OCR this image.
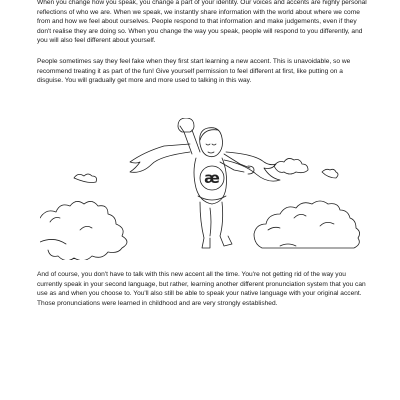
When you change how you speak, you change a part of your identity. Our voices and accents are highly personal reflections of who we are. When we speak, we instantly share information with the world about where we come from and how we feel about ourselves. People respond to that information and make judgements, even if they don't realise they are doing so. When you change the way you speak, people will respond to you differently, and you will also feel different about yourself.

People sometimes say they feel fake when they first start learning a new accent. This is unavoidable, so we recommend treating it as part of the fun! Give yourself permission to feel different at first, like putting on a disguise. You will gradually get more and more used to talking in this way.

æ

And of course, you don't have to talk with this new accent all the time. You're not getting rid of the way you currently speak in your second language, but rather, learning another different pronunciation system that you can use as and when you choose to. You'll also still be able to speak your native language with your original accent. Those pronunciations were learned in childhood and are very strongly established.
